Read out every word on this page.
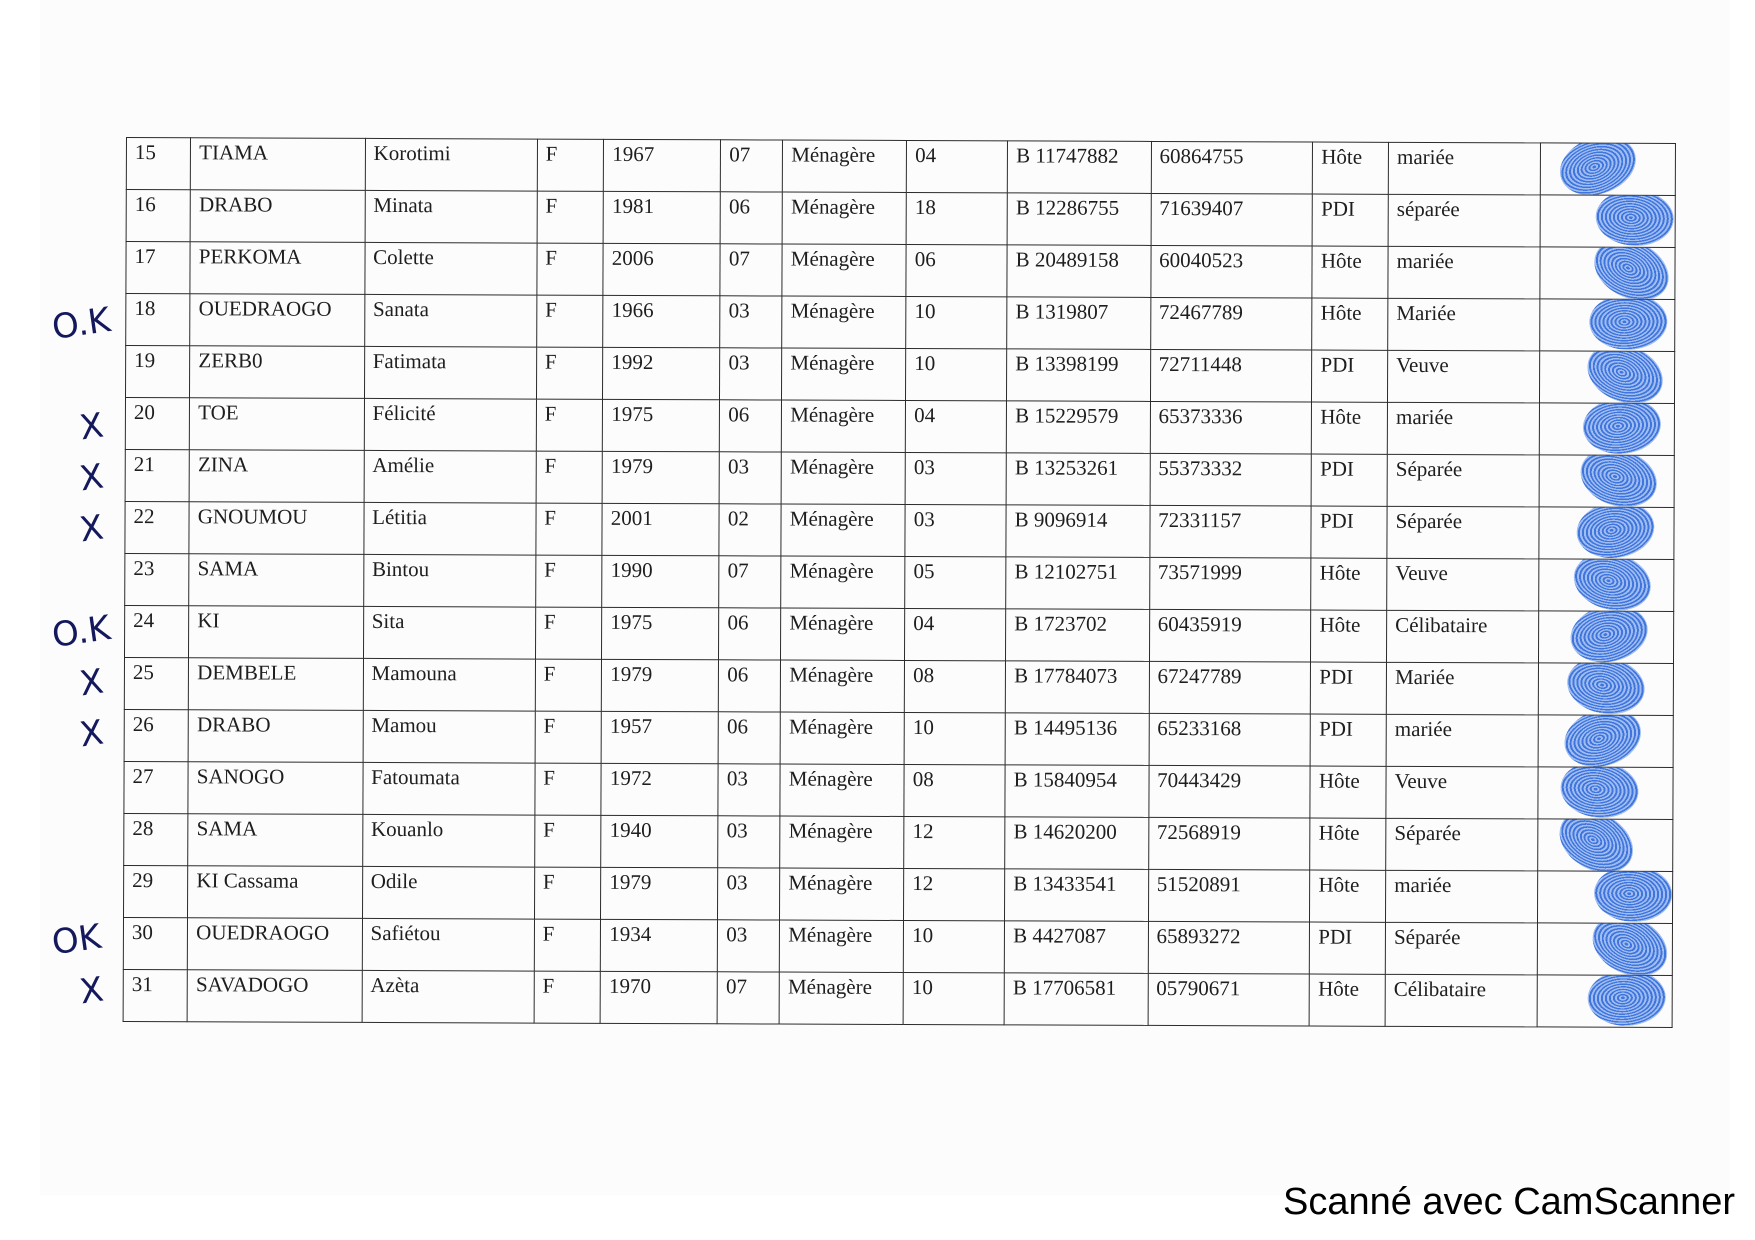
15	TIAMA	Korotimi	F	1967	07	Ménagère	04	B 11747882	60864755	Hôte	mariée	

16	DRABO	Minata	F	1981	06	Ménagère	18	B 12286755	71639407	PDI	séparée	

17	PERKOMA	Colette	F	2006	07	Ménagère	06	B 20489158	60040523	Hôte	mariée	

18	OUEDRAOGO	Sanata	F	1966	03	Ménagère	10	B 1319807	72467789	Hôte	Mariée	

19	ZERB0	Fatimata	F	1992	03	Ménagère	10	B 13398199	72711448	PDI	Veuve	

20	TOE	Félicité	F	1975	06	Ménagère	04	B 15229579	65373336	Hôte	mariée	

21	ZINA	Amélie	F	1979	03	Ménagère	03	B 13253261	55373332	PDI	Séparée	

22	GNOUMOU	Létitia	F	2001	02	Ménagère	03	B 9096914	72331157	PDI	Séparée	

23	SAMA	Bintou	F	1990	07	Ménagère	05	B 12102751	73571999	Hôte	Veuve	

24	KI	Sita	F	1975	06	Ménagère	04	B 1723702	60435919	Hôte	Célibataire	

25	DEMBELE	Mamouna	F	1979	06	Ménagère	08	B 17784073	67247789	PDI	Mariée	

26	DRABO	Mamou	F	1957	06	Ménagère	10	B 14495136	65233168	PDI	mariée	

27	SANOGO	Fatoumata	F	1972	03	Ménagère	08	B 15840954	70443429	Hôte	Veuve	

28	SAMA	Kouanlo	F	1940	03	Ménagère	12	B 14620200	72568919	Hôte	Séparée	

29	KI Cassama	Odile	F	1979	03	Ménagère	12	B 13433541	51520891	Hôte	mariée	

30	OUEDRAOGO	Safiétou	F	1934	03	Ménagère	10	B 4427087	65893272	PDI	Séparée	

31	SAVADOGO	Azèta	F	1970	07	Ménagère	10	B 17706581	05790671	Hôte	Célibataire	
O.K
X
X
X
O.K
X
X
OK
X
Scanné avec CamScanner
